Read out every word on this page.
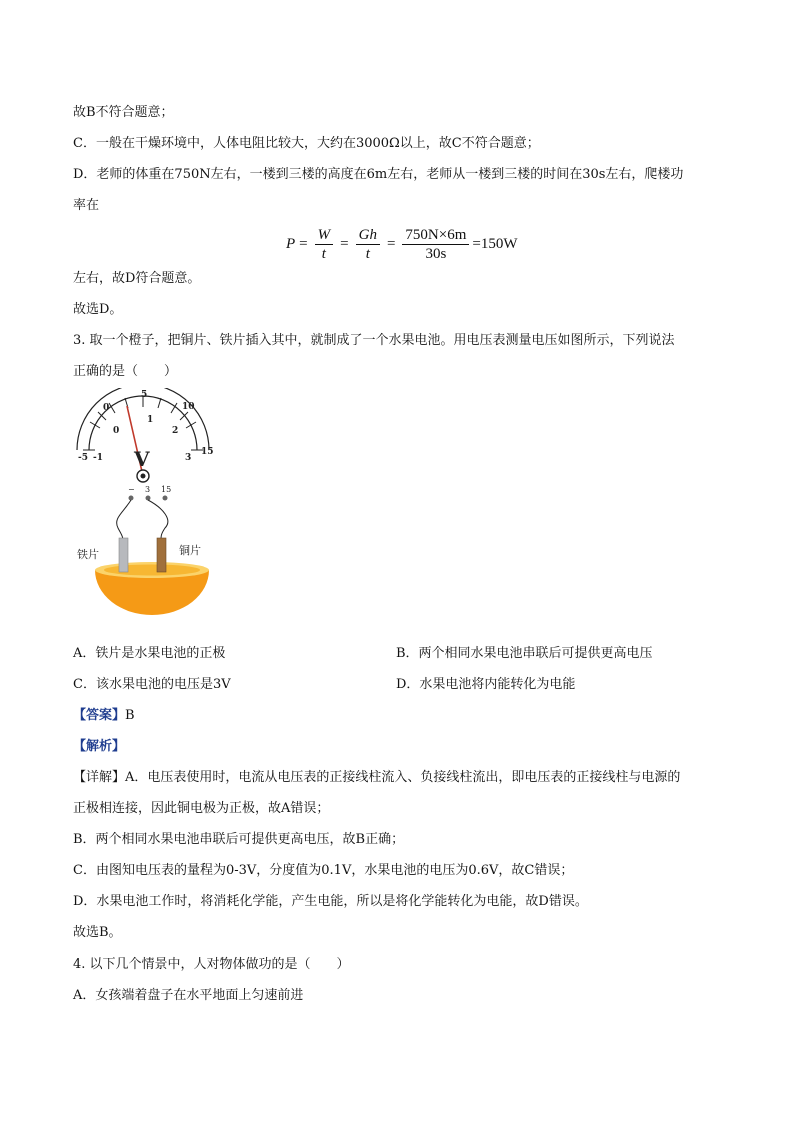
故B不符合题意；
C．一般在干燥环境中，人体电阻比较大，大约在3000Ω以上，故C不符合题意；
D．老师的体重在750N左右，一楼到三楼的高度在6m左右，老师从一楼到三楼的时间在30s左右，爬楼功
率在
$P = \frac{W}{t} = \frac{Gh}{t} = \frac{750N\times 6m}{30s} =150W$
左右，故D符合题意。
故选D。
3. 取一个橙子，把铜片、铁片插入其中，就制成了一个水果电池。用电压表测量电压如图所示，下列说法
正确的是（　　）
-5 -1
0
5
10
15
0
1
2
3
V
− 3 15
铁片	铜片
A．铁片是水果电池的正极	B．两个相同水果电池串联后可提供更高电压
C．该水果电池的电压是3V	D．水果电池将内能转化为电能
【答案】B
【解析】
【详解】A．电压表使用时，电流从电压表的正接线柱流入、负接线柱流出，即电压表的正接线柱与电源的
正极相连接，因此铜电极为正极，故A错误；
B．两个相同水果电池串联后可提供更高电压，故B正确；
C．由图知电压表的量程为0-3V，分度值为0.1V，水果电池的电压为0.6V，故C错误；
D．水果电池工作时，将消耗化学能，产生电能，所以是将化学能转化为电能，故D错误。
故选B。
4. 以下几个情景中，人对物体做功的是（　　）
A．女孩端着盘子在水平地面上匀速前进
